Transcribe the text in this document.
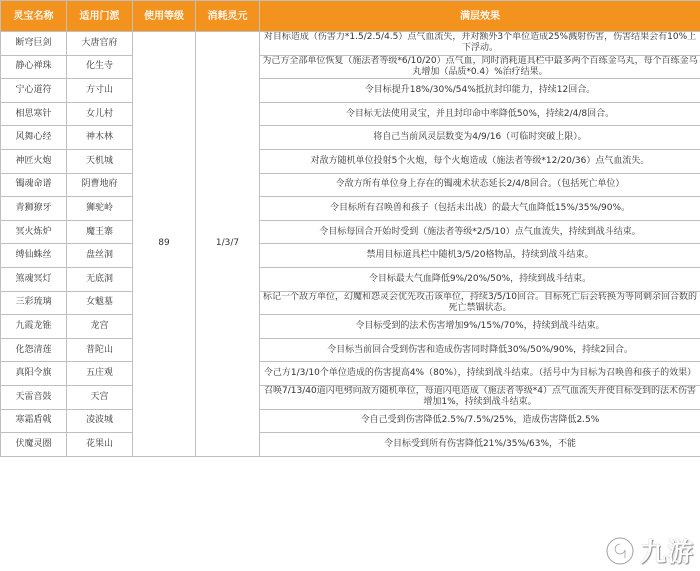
灵宝名称	适用门派	使用等级	消耗灵元	满层效果
断穹巨剑	大唐官府	89	1/3/7	对目标造成（伤害力*1.5/2.5/4.5）点气血流失，并对额外3个单位造成25%溅射伤害，伤害结果会有10%上下浮动。
静心禅珠	化生寺			为己方全部单位恢复（施法者等级*6/10/20）点气血，同时消耗道具栏中最多两个百练金乌丸，每个百练金乌丸增加（品质*0.4）%治疗结果。
宁心道符	方寸山			令目标提升18%/30%/54%抵抗封印能力，持续12回合。
相思寒针	女儿村			令目标无法使用灵宝，并且封印命中率降低50%，持续2/4/8回合。
风舞心经	神木林			将自己当前风灵层数变为4/9/16（可临时突破上限）。
神匠火炮	天机城			对敌方随机单位投射5个火炮，每个火炮造成（施法者等级*12/20/36）点气血流失。
镯魂命谱	阴曹地府			令敌方所有单位身上存在的镯魂术状态延长2/4/8回合。（包括死亡单位）
青狮獠牙	狮驼岭			令目标所有召唤兽和孩子（包括未出战）的最大气血降低15%/35%/90%。
冥火炼炉	魔王寨			令目标每回合开始时受到（施法者等级*2/5/10）点气血流失，持续到战斗结束。
缚仙蛛丝	盘丝洞			禁用目标道具栏中随机3/5/20格物品，持续到战斗结束。
煞魂冥灯	无底洞			令目标最大气血降低9%/20%/50%，持续到战斗结束。
三彩琉璃	女魃墓			标记一个敌方单位，幻魔和怨灵会优先攻击该单位，持续3/5/10回合。目标死亡后会转换为等同剩余回合数的死亡禁锢状态。
九霞龙锥	龙宫			令目标受到的法术伤害增加9%/15%/70%，持续到战斗结束。
化怨清莲	普陀山			令目标当前回合受到伤害和造成伤害同时降低30%/50%/90%，持续2回合。
真阳令旗	五庄观			令己方1/3/10个单位造成的伤害提高4%（80%），持续到战斗结束。（括号中为目标为召唤兽和孩子的效果）
天雷音鼓	天宫			召唤7/13/40道闪电劈向敌方随机单位，每道闪电造成（施法者等级*4）点气血流失并使目标受到的法术伤害增加1%，持续到战斗结束。
寒霜盾戟	凌波城			令自己受到伤害降低2.5%/7.5%/25%，造成伤害降低2.5%
伏魔灵圈	花果山			令目标受到所有伤害降低21%/35%/63%，不能
九游
